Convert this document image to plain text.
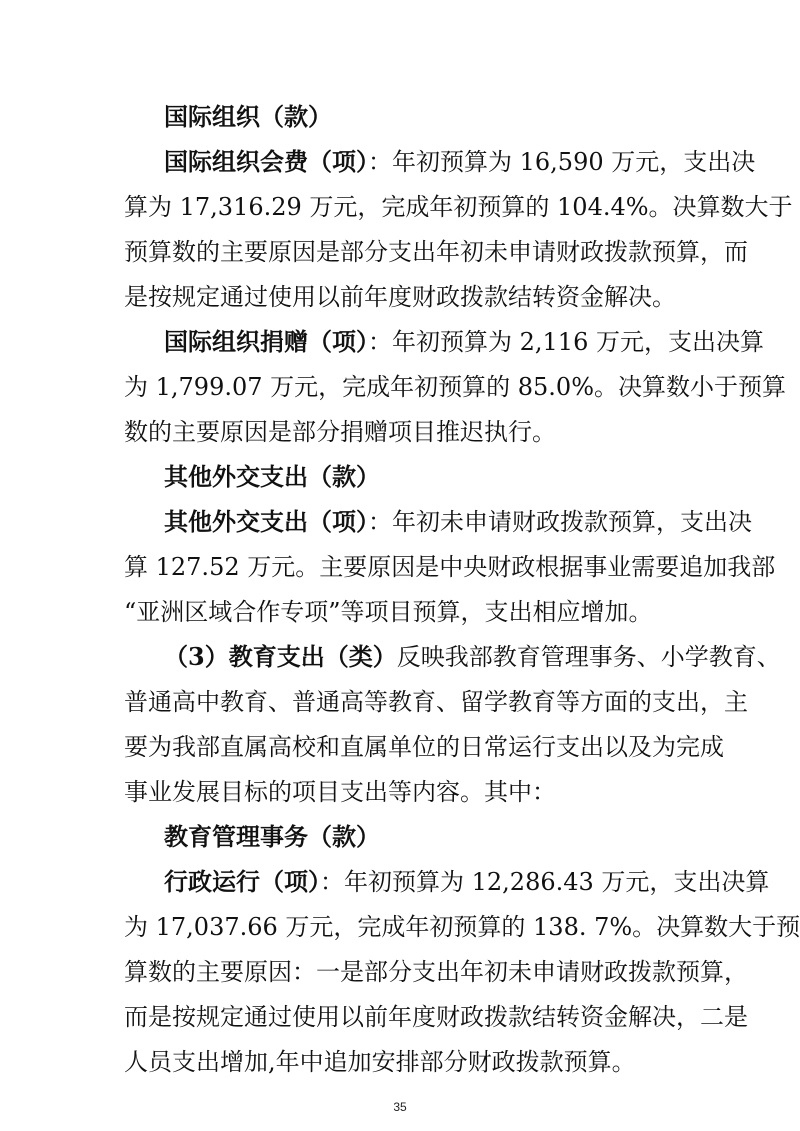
国际组织（款）
国际组织会费（项）：年初预算为 16,590 万元，支出决
算为 17,316.29 万元，完成年初预算的 104.4%。决算数大于
预算数的主要原因是部分支出年初未申请财政拨款预算，而
是按规定通过使用以前年度财政拨款结转资金解决。
国际组织捐赠（项）：年初预算为 2,116 万元，支出决算
为 1,799.07 万元，完成年初预算的 85.0%。决算数小于预算
数的主要原因是部分捐赠项目推迟执行。
其他外交支出（款）
其他外交支出（项）：年初未申请财政拨款预算，支出决
算 127.52 万元。主要原因是中央财政根据事业需要追加我部
“亚洲区域合作专项”等项目预算，支出相应增加。
（3）教育支出（类）反映我部教育管理事务、小学教育、
普通高中教育、普通高等教育、留学教育等方面的支出，主
要为我部直属高校和直属单位的日常运行支出以及为完成
事业发展目标的项目支出等内容。其中：
教育管理事务（款）
行政运行（项）：年初预算为 12,286.43 万元，支出决算
为 17,037.66 万元，完成年初预算的 138. 7%。决算数大于预
算数的主要原因：一是部分支出年初未申请财政拨款预算，
而是按规定通过使用以前年度财政拨款结转资金解决，二是
人员支出增加,年中追加安排部分财政拨款预算。
35
